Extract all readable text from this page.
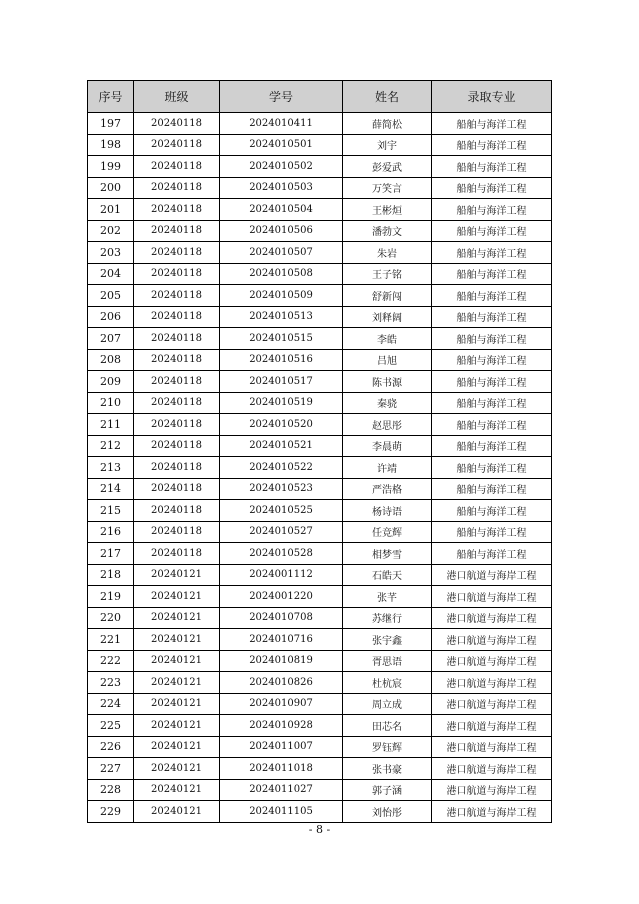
序号	班级	学号	姓名	录取专业
197	20240118	2024010411	薛简松	船舶与海洋工程
198	20240118	2024010501	刘宇	船舶与海洋工程
199	20240118	2024010502	彭爱武	船舶与海洋工程
200	20240118	2024010503	万笑言	船舶与海洋工程
201	20240118	2024010504	王彬烜	船舶与海洋工程
202	20240118	2024010506	潘勃文	船舶与海洋工程
203	20240118	2024010507	朱岩	船舶与海洋工程
204	20240118	2024010508	王子铭	船舶与海洋工程
205	20240118	2024010509	舒新闯	船舶与海洋工程
206	20240118	2024010513	刘释阔	船舶与海洋工程
207	20240118	2024010515	李皓	船舶与海洋工程
208	20240118	2024010516	吕旭	船舶与海洋工程
209	20240118	2024010517	陈书源	船舶与海洋工程
210	20240118	2024010519	秦骁	船舶与海洋工程
211	20240118	2024010520	赵思彤	船舶与海洋工程
212	20240118	2024010521	李晨萌	船舶与海洋工程
213	20240118	2024010522	许靖	船舶与海洋工程
214	20240118	2024010523	严浩格	船舶与海洋工程
215	20240118	2024010525	杨诗语	船舶与海洋工程
216	20240118	2024010527	任竞辉	船舶与海洋工程
217	20240118	2024010528	相梦雪	船舶与海洋工程
218	20240121	2024001112	石皓天	港口航道与海岸工程
219	20240121	2024001220	张芊	港口航道与海岸工程
220	20240121	2024010708	苏继行	港口航道与海岸工程
221	20240121	2024010716	张宇鑫	港口航道与海岸工程
222	20240121	2024010819	胥思语	港口航道与海岸工程
223	20240121	2024010826	杜杭宸	港口航道与海岸工程
224	20240121	2024010907	周立成	港口航道与海岸工程
225	20240121	2024010928	田芯名	港口航道与海岸工程
226	20240121	2024011007	罗钰辉	港口航道与海岸工程
227	20240121	2024011018	张书豪	港口航道与海岸工程
228	20240121	2024011027	郭子涵	港口航道与海岸工程
229	20240121	2024011105	刘怡彤	港口航道与海岸工程
- 8 -
